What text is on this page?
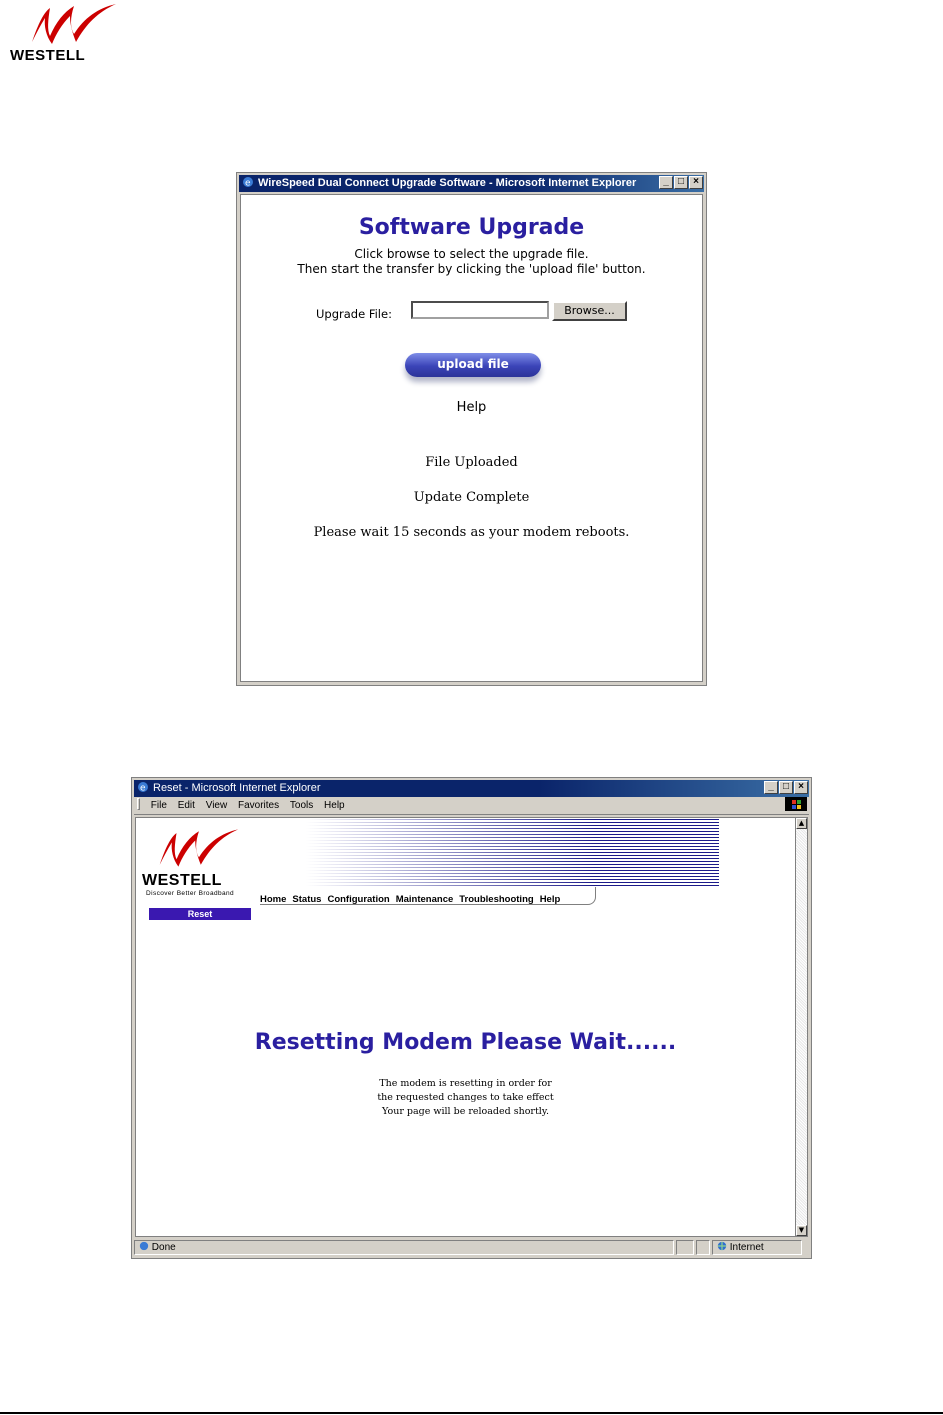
WESTELL
e WireSpeed Dual Connect Upgrade Software - Microsoft Internet Explorer	_ □ ×
Software Upgrade
Click browse to select the upgrade file.
Then start the transfer by clicking the 'upload file' button.
Upgrade File:	Browse...
upload file
Help
File Uploaded
Update Complete
Please wait 15 seconds as your modem reboots.
e Reset - Microsoft Internet Explorer	_ □ ×
File Edit View Favorites Tools Help
WESTELL
Discover Better Broadband
Home Status Configuration Maintenance Troubleshooting Help
Reset
Resetting Modem Please Wait......
The modem is resetting in order for
the requested changes to take effect
Your page will be reloaded shortly.
▲
▼
Done	Internet
